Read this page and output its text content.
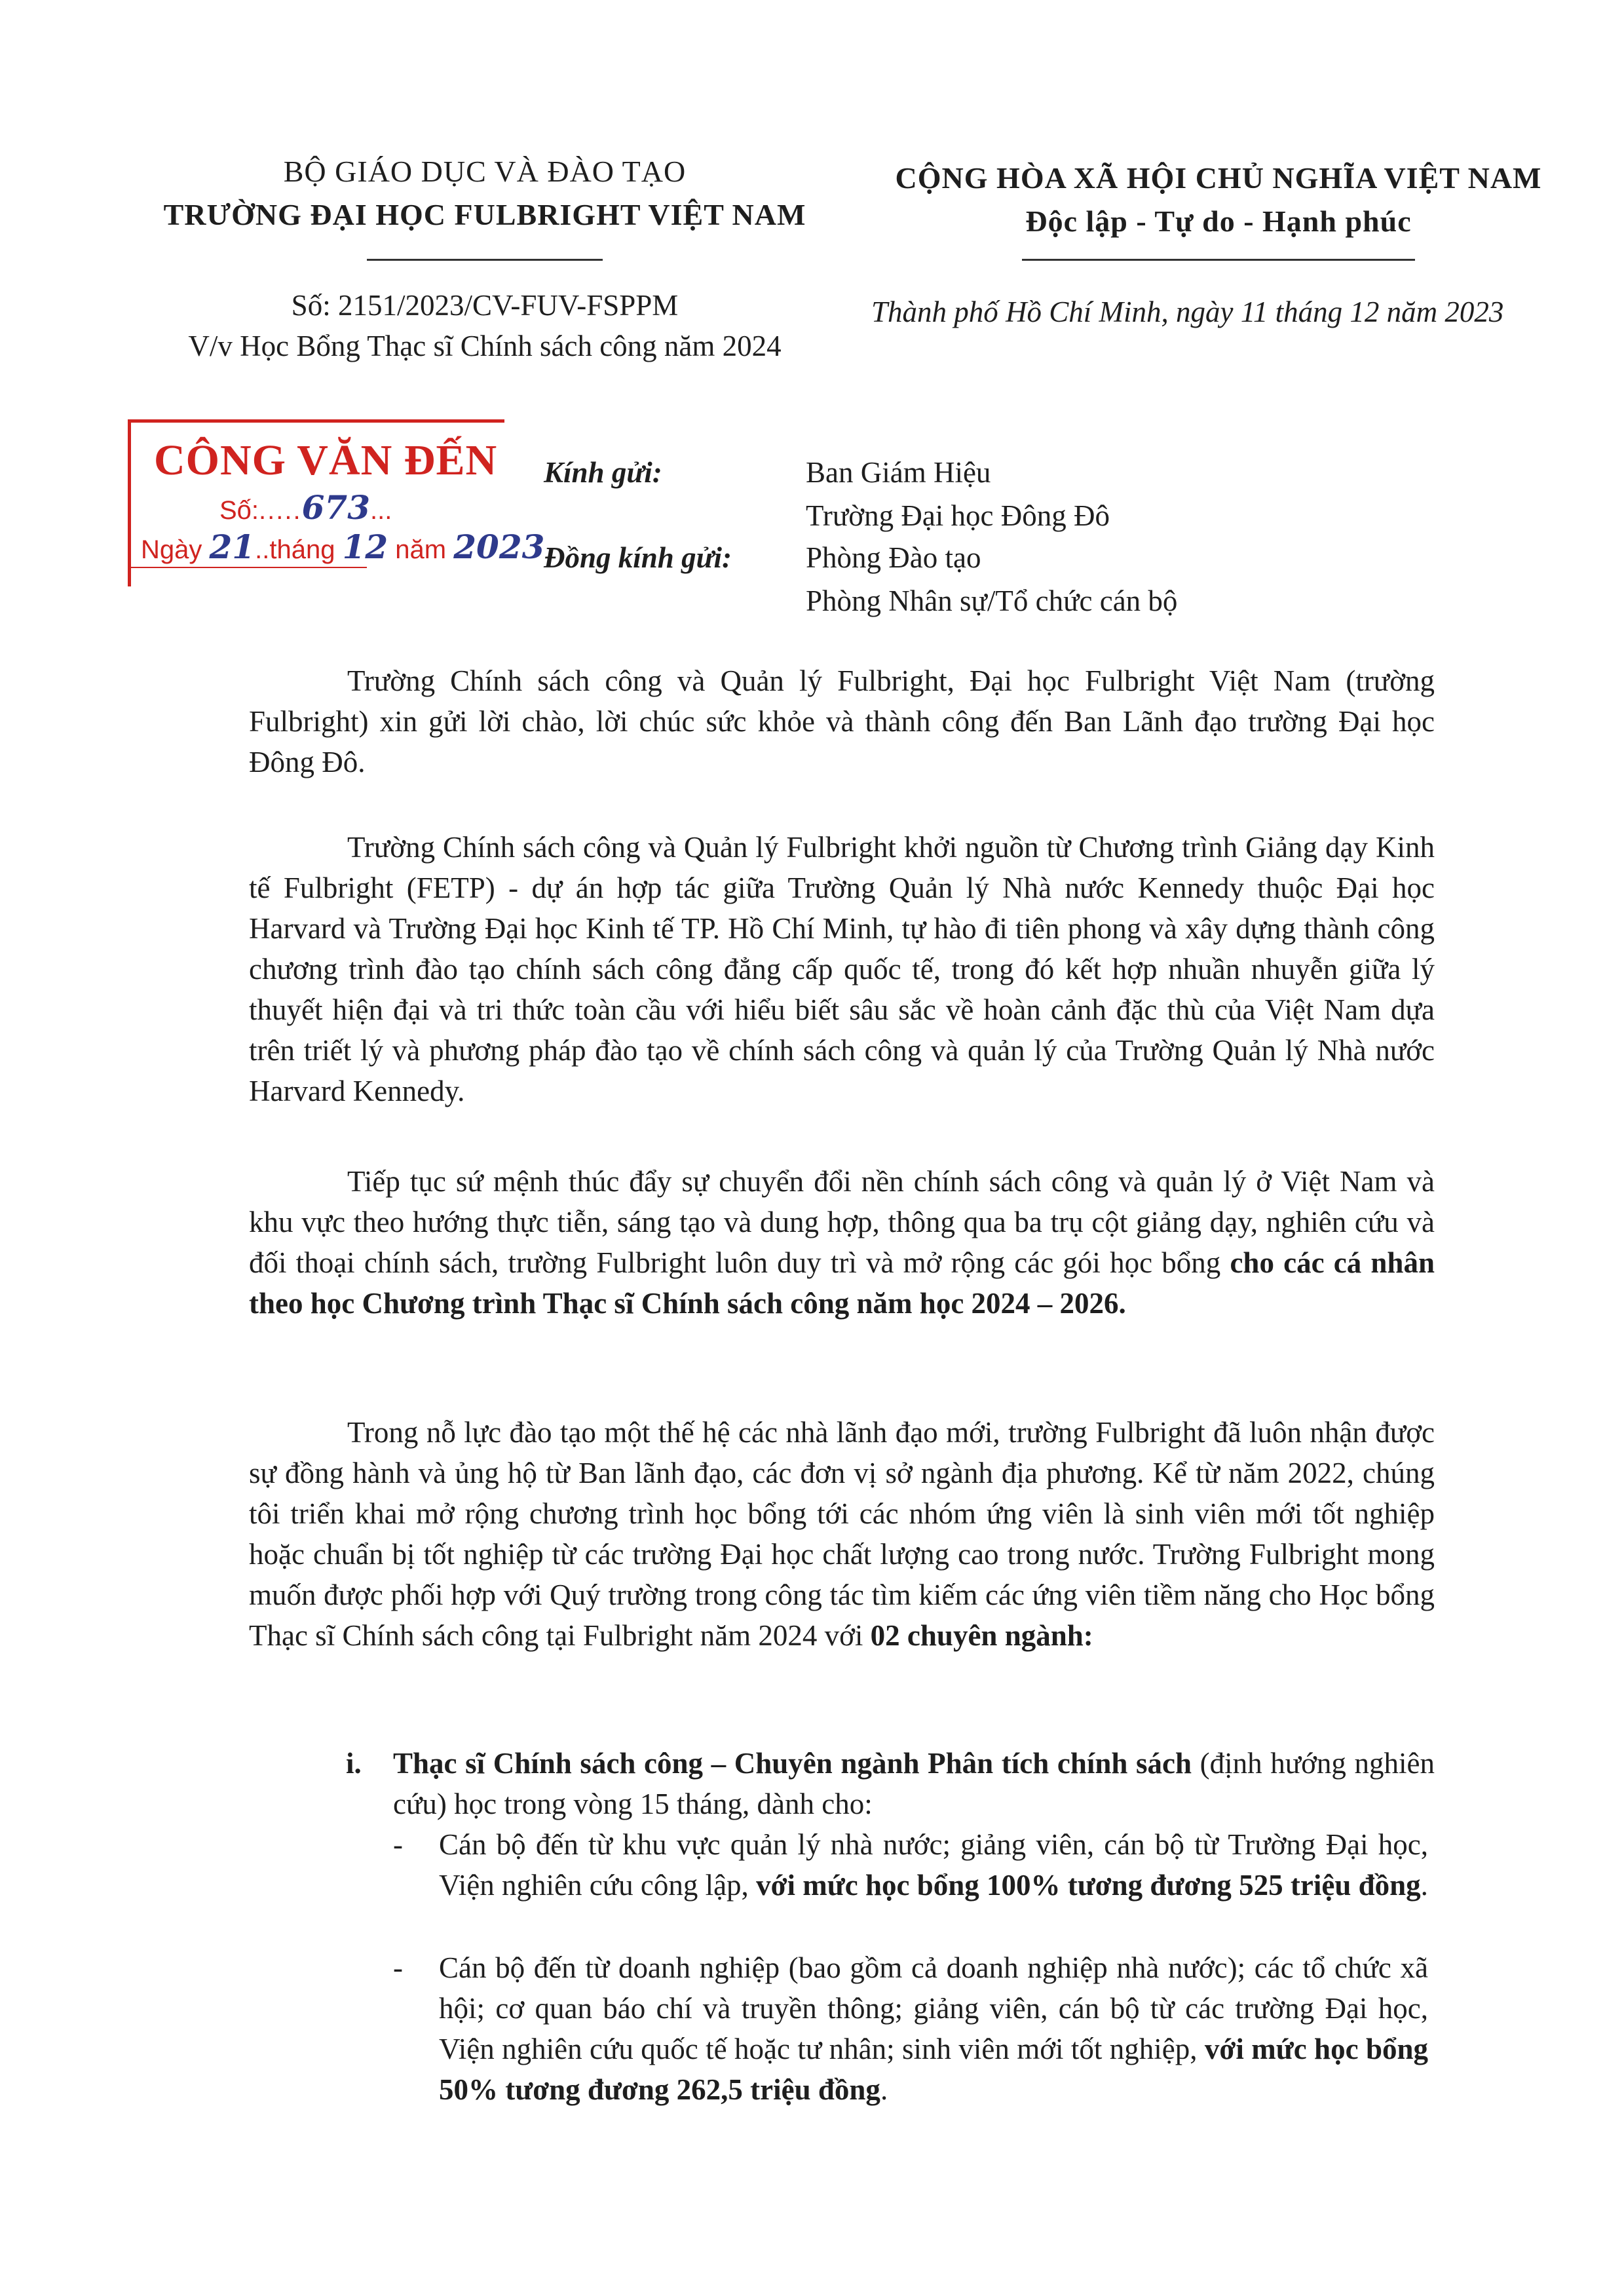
BỘ GIÁO DỤC VÀ ĐÀO TẠO
TRƯỜNG ĐẠI HỌC FULBRIGHT VIỆT NAM
CỘNG HÒA XÃ HỘI CHỦ NGHĨA VIỆT NAM
Độc lập - Tự do - Hạnh phúc
Số: 2151/2023/CV-FUV-FSPPM
V/v Học Bổng Thạc sĩ Chính sách công năm 2024
Thành phố Hồ Chí Minh, ngày 11 tháng 12 năm 2023
CÔNG VĂN ĐẾN
Số:.....673...
Ngày 21..tháng 12 năm 2023
Kính gửi:	Ban Giám Hiệu
Trường Đại học Đông Đô
Đồng kính gửi:	Phòng Đào tạo
Phòng Nhân sự/Tổ chức cán bộ
Trường Chính sách công và Quản lý Fulbright, Đại học Fulbright Việt Nam (trường Fulbright) xin gửi lời chào, lời chúc sức khỏe và thành công đến Ban Lãnh đạo trường Đại học Đông Đô.
Trường Chính sách công và Quản lý Fulbright khởi nguồn từ Chương trình Giảng dạy Kinh tế Fulbright (FETP) - dự án hợp tác giữa Trường Quản lý Nhà nước Kennedy thuộc Đại học Harvard và Trường Đại học Kinh tế TP. Hồ Chí Minh, tự hào đi tiên phong và xây dựng thành công chương trình đào tạo chính sách công đẳng cấp quốc tế, trong đó kết hợp nhuần nhuyễn giữa lý thuyết hiện đại và tri thức toàn cầu với hiểu biết sâu sắc về hoàn cảnh đặc thù của Việt Nam dựa trên triết lý và phương pháp đào tạo về chính sách công và quản lý của Trường Quản lý Nhà nước Harvard Kennedy.
Tiếp tục sứ mệnh thúc đẩy sự chuyển đổi nền chính sách công và quản lý ở Việt Nam và khu vực theo hướng thực tiễn, sáng tạo và dung hợp, thông qua ba trụ cột giảng dạy, nghiên cứu và đối thoại chính sách, trường Fulbright luôn duy trì và mở rộng các gói học bổng cho các cá nhân theo học Chương trình Thạc sĩ Chính sách công năm học 2024 – 2026.
Trong nỗ lực đào tạo một thế hệ các nhà lãnh đạo mới, trường Fulbright đã luôn nhận được sự đồng hành và ủng hộ từ Ban lãnh đạo, các đơn vị sở ngành địa phương. Kể từ năm 2022, chúng tôi triển khai mở rộng chương trình học bổng tới các nhóm ứng viên là sinh viên mới tốt nghiệp hoặc chuẩn bị tốt nghiệp từ các trường Đại học chất lượng cao trong nước. Trường Fulbright mong muốn được phối hợp với Quý trường trong công tác tìm kiếm các ứng viên tiềm năng cho Học bổng Thạc sĩ Chính sách công tại Fulbright năm 2024 với 02 chuyên ngành:
i. Thạc sĩ Chính sách công – Chuyên ngành Phân tích chính sách (định hướng nghiên cứu) học trong vòng 15 tháng, dành cho:
- Cán bộ đến từ khu vực quản lý nhà nước; giảng viên, cán bộ từ Trường Đại học, Viện nghiên cứu công lập, với mức học bổng 100% tương đương 525 triệu đồng.
- Cán bộ đến từ doanh nghiệp (bao gồm cả doanh nghiệp nhà nước); các tổ chức xã hội; cơ quan báo chí và truyền thông; giảng viên, cán bộ từ các trường Đại học, Viện nghiên cứu quốc tế hoặc tư nhân; sinh viên mới tốt nghiệp, với mức học bổng 50% tương đương 262,5 triệu đồng.
